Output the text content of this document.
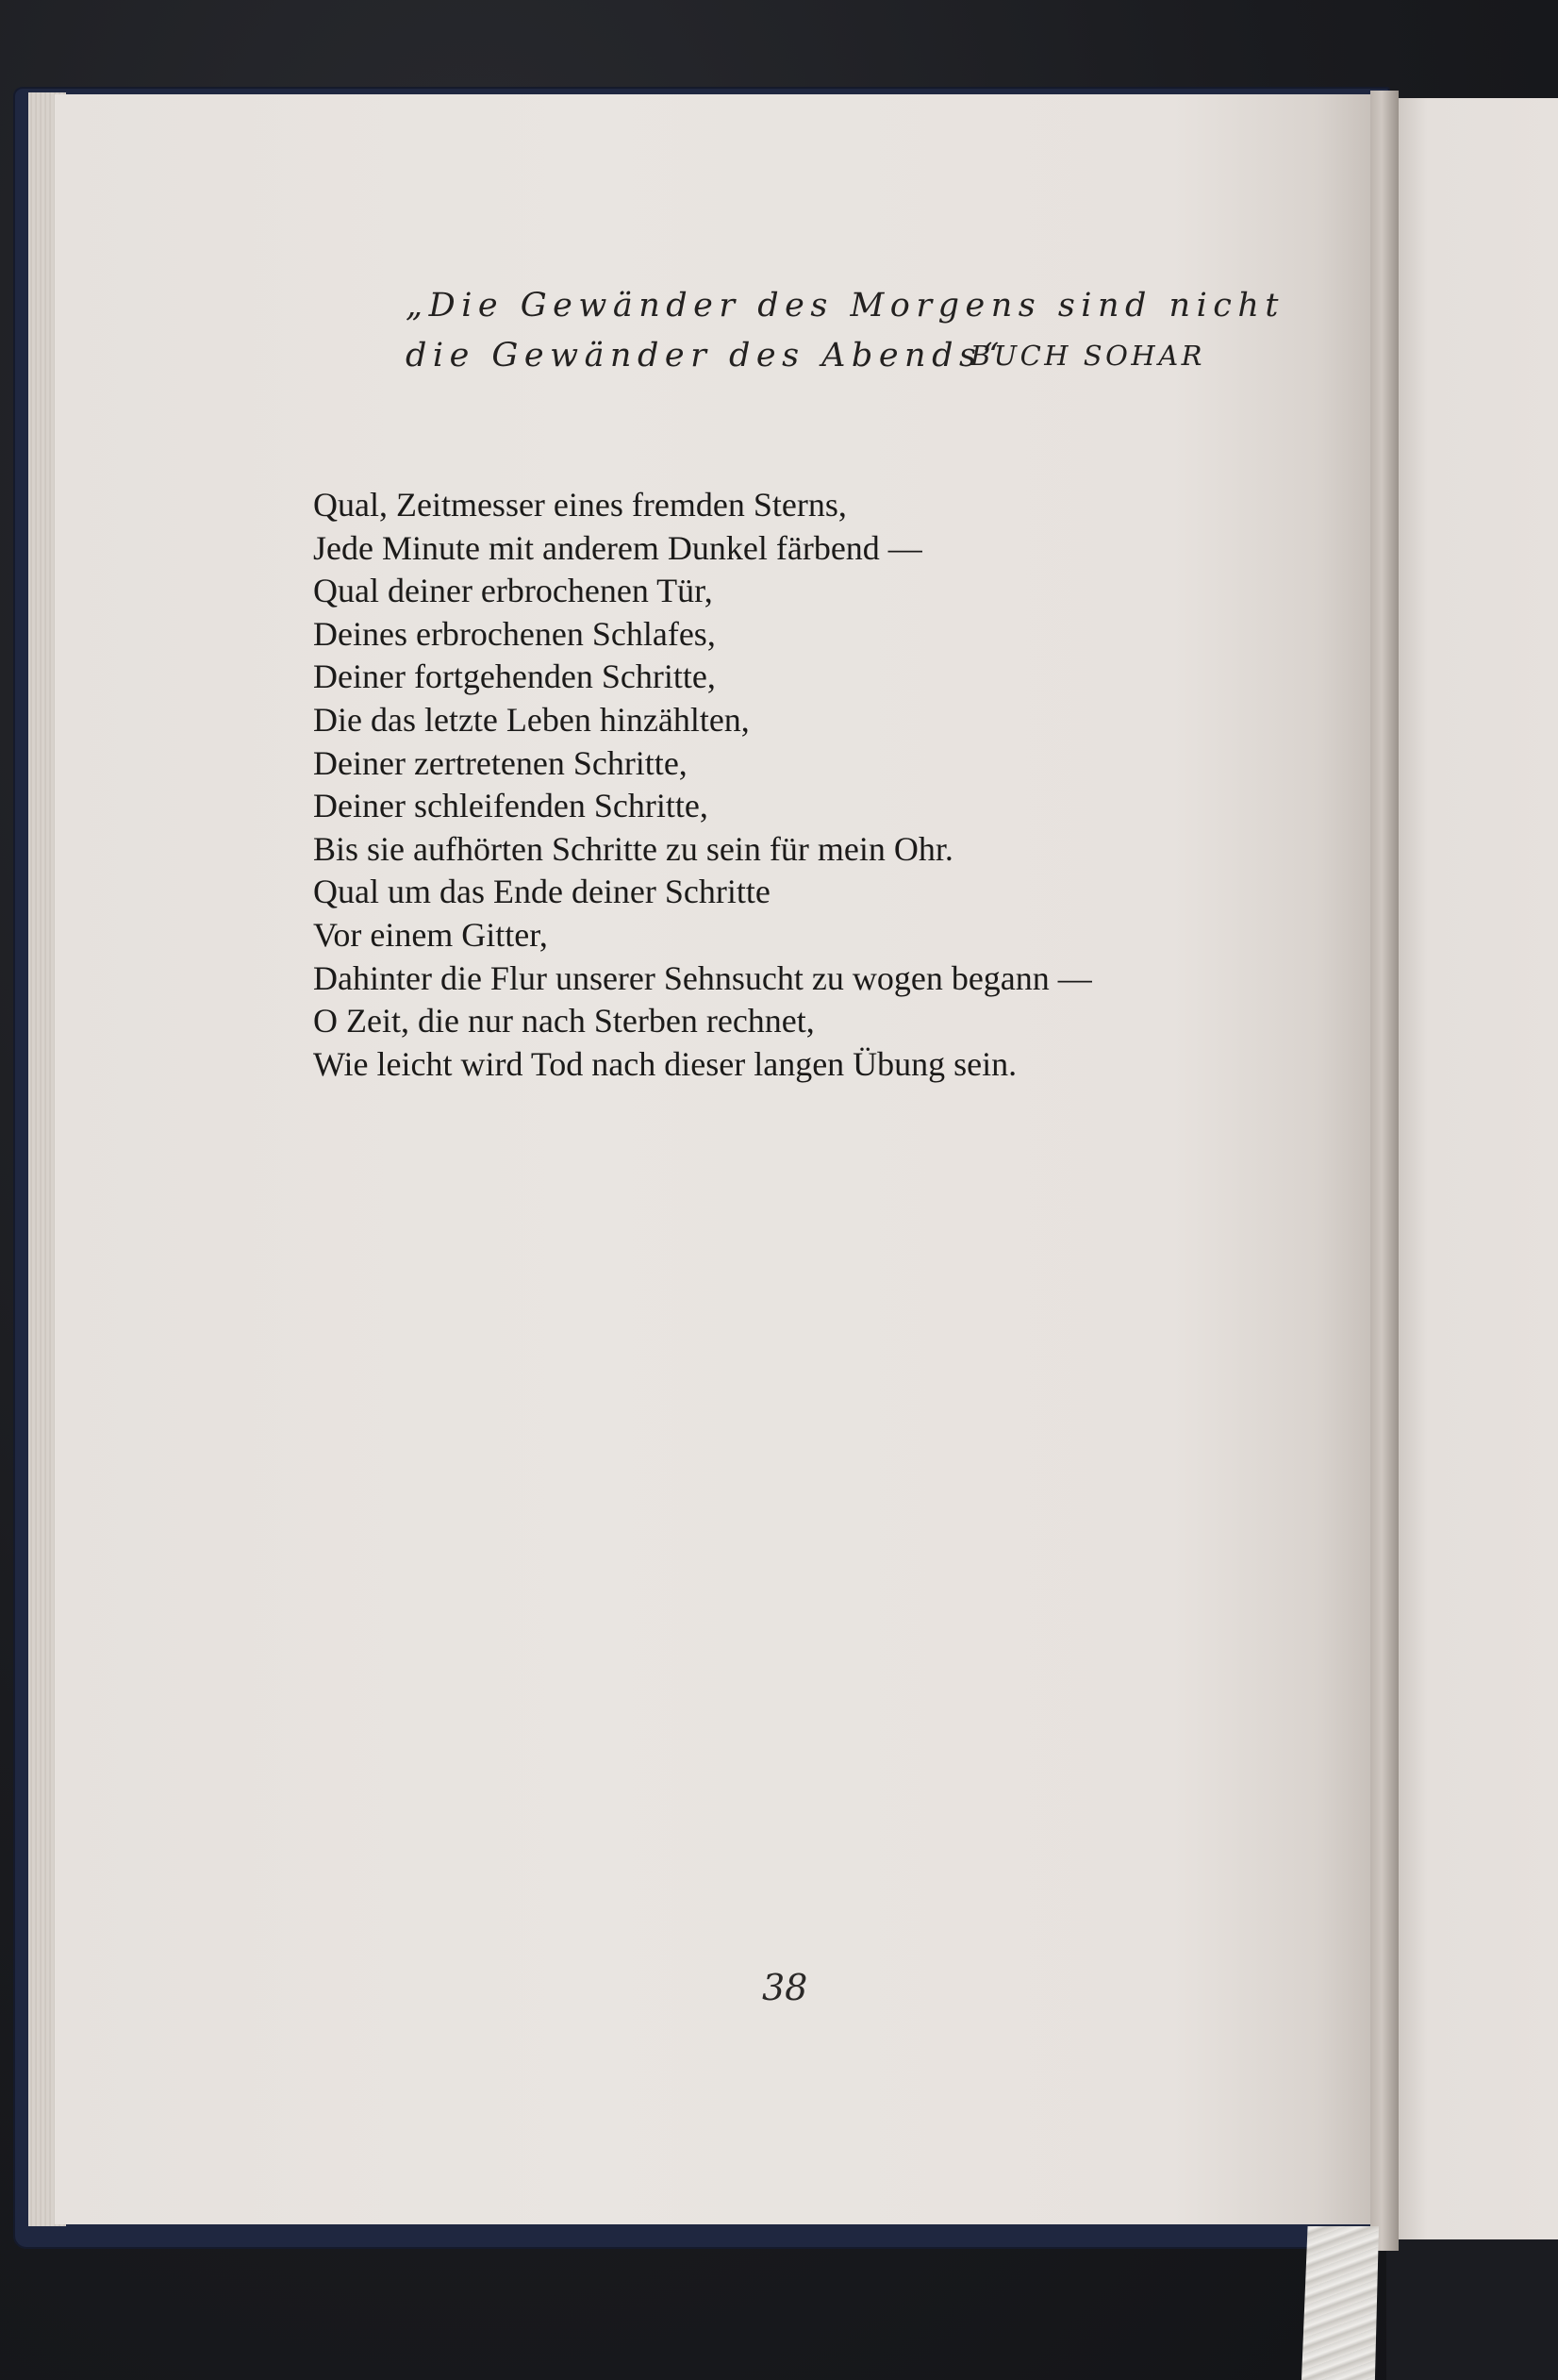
„Die Gewänder des Morgens sind nicht
die Gewänder des Abends“
BUCH SOHAR
Qual, Zeitmesser eines fremden Sterns,
Jede Minute mit anderem Dunkel färbend —
Qual deiner erbrochenen Tür,
Deines erbrochenen Schlafes,
Deiner fortgehenden Schritte,
Die das letzte Leben hinzählten,
Deiner zertretenen Schritte,
Deiner schleifenden Schritte,
Bis sie aufhörten Schritte zu sein für mein Ohr.
Qual um das Ende deiner Schritte
Vor einem Gitter,
Dahinter die Flur unserer Sehnsucht zu wogen begann —
O Zeit, die nur nach Sterben rechnet,
Wie leicht wird Tod nach dieser langen Übung sein.
38
